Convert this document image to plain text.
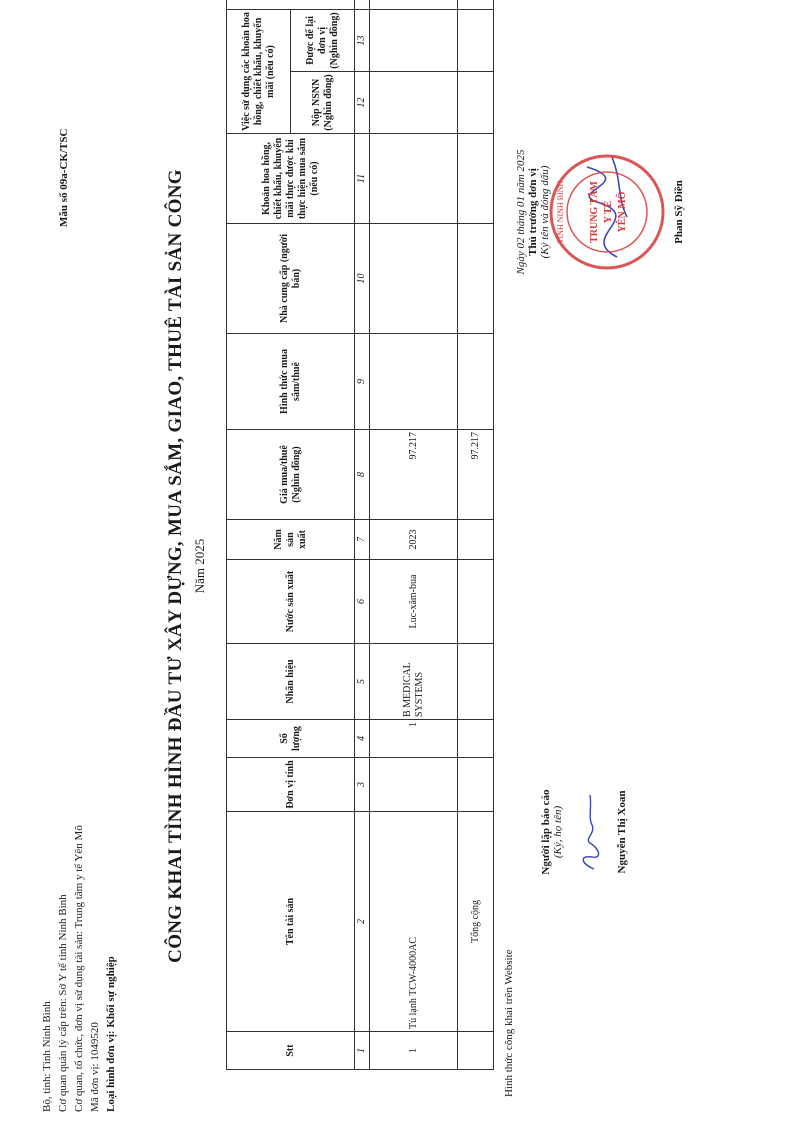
Bộ, tỉnh: Tỉnh Ninh Bình Cơ quan quản lý cấp trên: Sở Y tế tỉnh Ninh Bình Cơ quan, tổ chức, đơn vị sử dụng tài sản: Trung tâm y tế Yên Mô Mã đơn vị: 1049520 Loại hình đơn vị: Khối sự nghiệp
Mẫu số 09a-CK/TSC	CÔNG KHAI TÌNH HÌNH ĐẦU TƯ XÂY DỰNG, MUA SẮM, GIAO, THUÊ TÀI SẢN CÔNG Năm 2025
Stt	Tên tài sản	Đơn vị tính	Số lượng	Nhãn hiệu	Nước sản xuất	Năm sản xuất	Giá mua/thuê (Nghìn đồng)	Hình thức mua sắm/thuê	Nhà cung cấp (người bán)	Khoản hoa hồng, chiết khấu, khuyến mãi thực được khi thực hiện mua sắm (nếu có)	Việc sử dụng các khoản hoa hồng, chiết khấu, khuyến mãi (nếu có)	
											Nộp NSNN (Nghìn đồng)	Được để lại đơn vị (Nghìn đồng)	
1	2	3	4	5	6	7	8	9	10	11	12	13	
1	Tủ lạnh TCW-4000AC		1	B MEDICAL SYSTEMS	Luc-xăm-bua	2023	97.217						
	Tổng cộng						97.217						
Hình thức công khai trên Website
Người lập báo cáo (Ký, họ tên)	Nguyễn Thị Xoan
Ngày 02 tháng 01 năm 2025 Thủ trưởng đơn vị (Ký tên và đóng dấu)	Phan Sỹ Điền
TỈNH NINH BÌNH TRUNG TÂM Y TẾ YÊN MÔ
